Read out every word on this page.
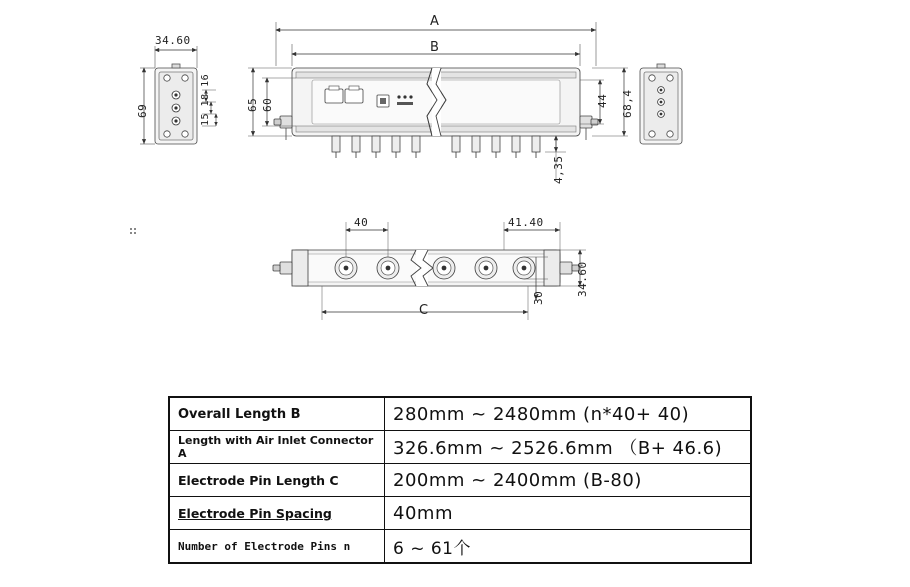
34.60
69	15 18 16
A
B
65 60	44 68,4
4,35
40	41.40
C
30
34.60
Overall Length B	280mm ~ 2480mm (n*40+ 40)
Length with Air Inlet Connector A	326.6mm ~ 2526.6mm （B+ 46.6)
Electrode Pin Length C	200mm ~ 2400mm (B-80)
Electrode Pin Spacing	40mm
Number of Electrode Pins n	6 ~ 61个
